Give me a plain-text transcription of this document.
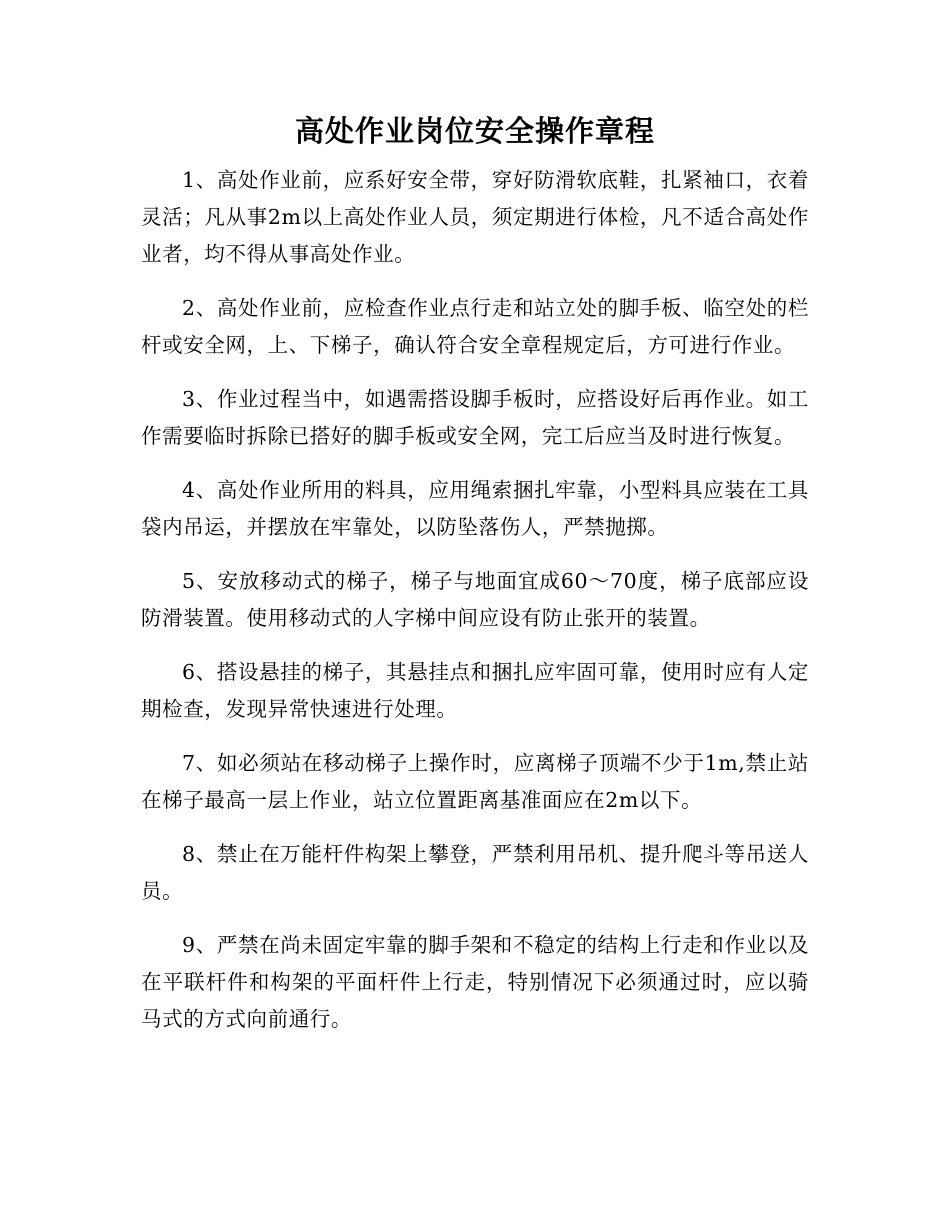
高处作业岗位安全操作章程

1、高处作业前，应系好安全带，穿好防滑软底鞋，扎紧袖口，衣着灵活；凡从事2m以上高处作业人员，须定期进行体检，凡不适合高处作业者，均不得从事高处作业。

2、高处作业前，应检查作业点行走和站立处的脚手板、临空处的栏杆或安全网，上、下梯子，确认符合安全章程规定后，方可进行作业。

3、作业过程当中，如遇需搭设脚手板时，应搭设好后再作业。如工作需要临时拆除已搭好的脚手板或安全网，完工后应当及时进行恢复。

4、高处作业所用的料具，应用绳索捆扎牢靠，小型料具应装在工具袋内吊运，并摆放在牢靠处，以防坠落伤人，严禁抛掷。

5、安放移动式的梯子，梯子与地面宜成60～70度，梯子底部应设防滑装置。使用移动式的人字梯中间应设有防止张开的装置。

6、搭设悬挂的梯子，其悬挂点和捆扎应牢固可靠，使用时应有人定期检查，发现异常快速进行处理。

7、如必须站在移动梯子上操作时，应离梯子顶端不少于1m,禁止站在梯子最高一层上作业，站立位置距离基准面应在2m以下。

8、禁止在万能杆件构架上攀登，严禁利用吊机、提升爬斗等吊送人员。

9、严禁在尚未固定牢靠的脚手架和不稳定的结构上行走和作业以及在平联杆件和构架的平面杆件上行走，特别情况下必须通过时，应以骑马式的方式向前通行。
